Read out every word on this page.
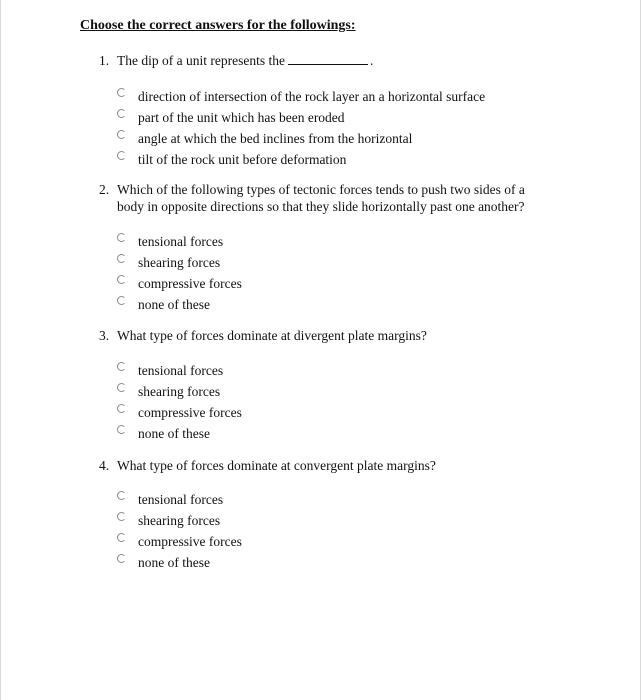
Choose the correct answers for the followings:
1. The dip of a unit represents the	.
direction of intersection of the rock layer an a horizontal surface
part of the unit which has been eroded
angle at which the bed inclines from the horizontal
tilt of the rock unit before deformation
2. Which of the following types of tectonic forces tends to push two sides of a
body in opposite directions so that they slide horizontally past one another?
tensional forces
shearing forces
compressive forces
none of these
3. What type of forces dominate at divergent plate margins?
tensional forces
shearing forces
compressive forces
none of these
4. What type of forces dominate at convergent plate margins?
tensional forces
shearing forces
compressive forces
none of these
